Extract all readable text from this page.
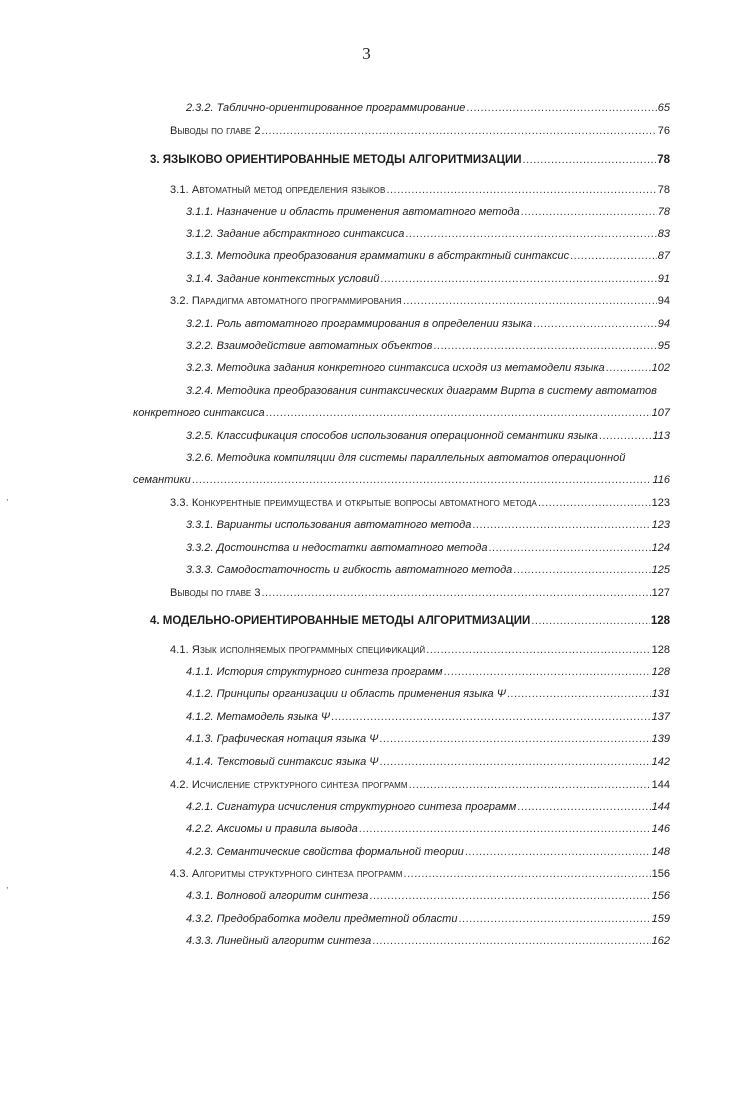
3
,
,
2.3.2. Таблично-ориентированное программирование .....	65
Выводы по главе 2 .....	76
3. ЯЗЫКОВО ОРИЕНТИРОВАННЫЕ МЕТОДЫ АЛГОРИТМИЗАЦИИ .....	78
3.1. Автоматный метод определения языков .....	78
3.1.1. Назначение и область применения автоматного метода .....	78
3.1.2. Задание абстрактного синтаксиса .....	83
3.1.3. Методика преобразования грамматики в абстрактный синтаксис .....	87
3.1.4. Задание контекстных условий .....	91
3.2. Парадигма автоматного программирования .....	94
3.2.1. Роль автоматного программирования в определении языка .....	94
3.2.2. Взаимодействие автоматных объектов .....	95
3.2.3. Методика задания конкретного синтаксиса исходя из метамодели языка .....	102
3.2.4. Методика преобразования синтаксических диаграмм Вирта в систему автоматов
конкретного синтаксиса .....	107
3.2.5. Классификация способов использования операционной семантики языка .....	113
3.2.6. Методика компиляции для системы параллельных автоматов операционной
семантики .....	116
3.3. Конкурентные преимущества и открытые вопросы автоматного метода .....	123
3.3.1. Варианты использования автоматного метода .....	123
3.3.2. Достоинства и недостатки автоматного метода .....	124
3.3.3. Самодостаточность и гибкость автоматного метода .....	125
Выводы по главе 3 .....	127
4. МОДЕЛЬНО-ОРИЕНТИРОВАННЫЕ МЕТОДЫ АЛГОРИТМИЗАЦИИ .....	128
4.1. Язык исполняемых программных спецификаций .....	128
4.1.1. История структурного синтеза программ .....	128
4.1.2. Принципы организации и область применения языка Ψ .....	131
4.1.2. Метамодель языка Ψ .....	137
4.1.3. Графическая нотация языка Ψ .....	139
4.1.4. Текстовый синтаксис языка Ψ .....	142
4.2. Исчисление структурного синтеза программ .....	144
4.2.1. Сигнатура исчисления структурного синтеза программ .....	144
4.2.2. Аксиомы и правила вывода .....	146
4.2.3. Семантические свойства формальной теории .....	148
4.3. Алгоритмы структурного синтеза программ .....	156
4.3.1. Волновой алгоритм синтеза .....	156
4.3.2. Предобработка модели предметной области .....	159
4.3.3. Линейный алгоритм синтеза .....	162
